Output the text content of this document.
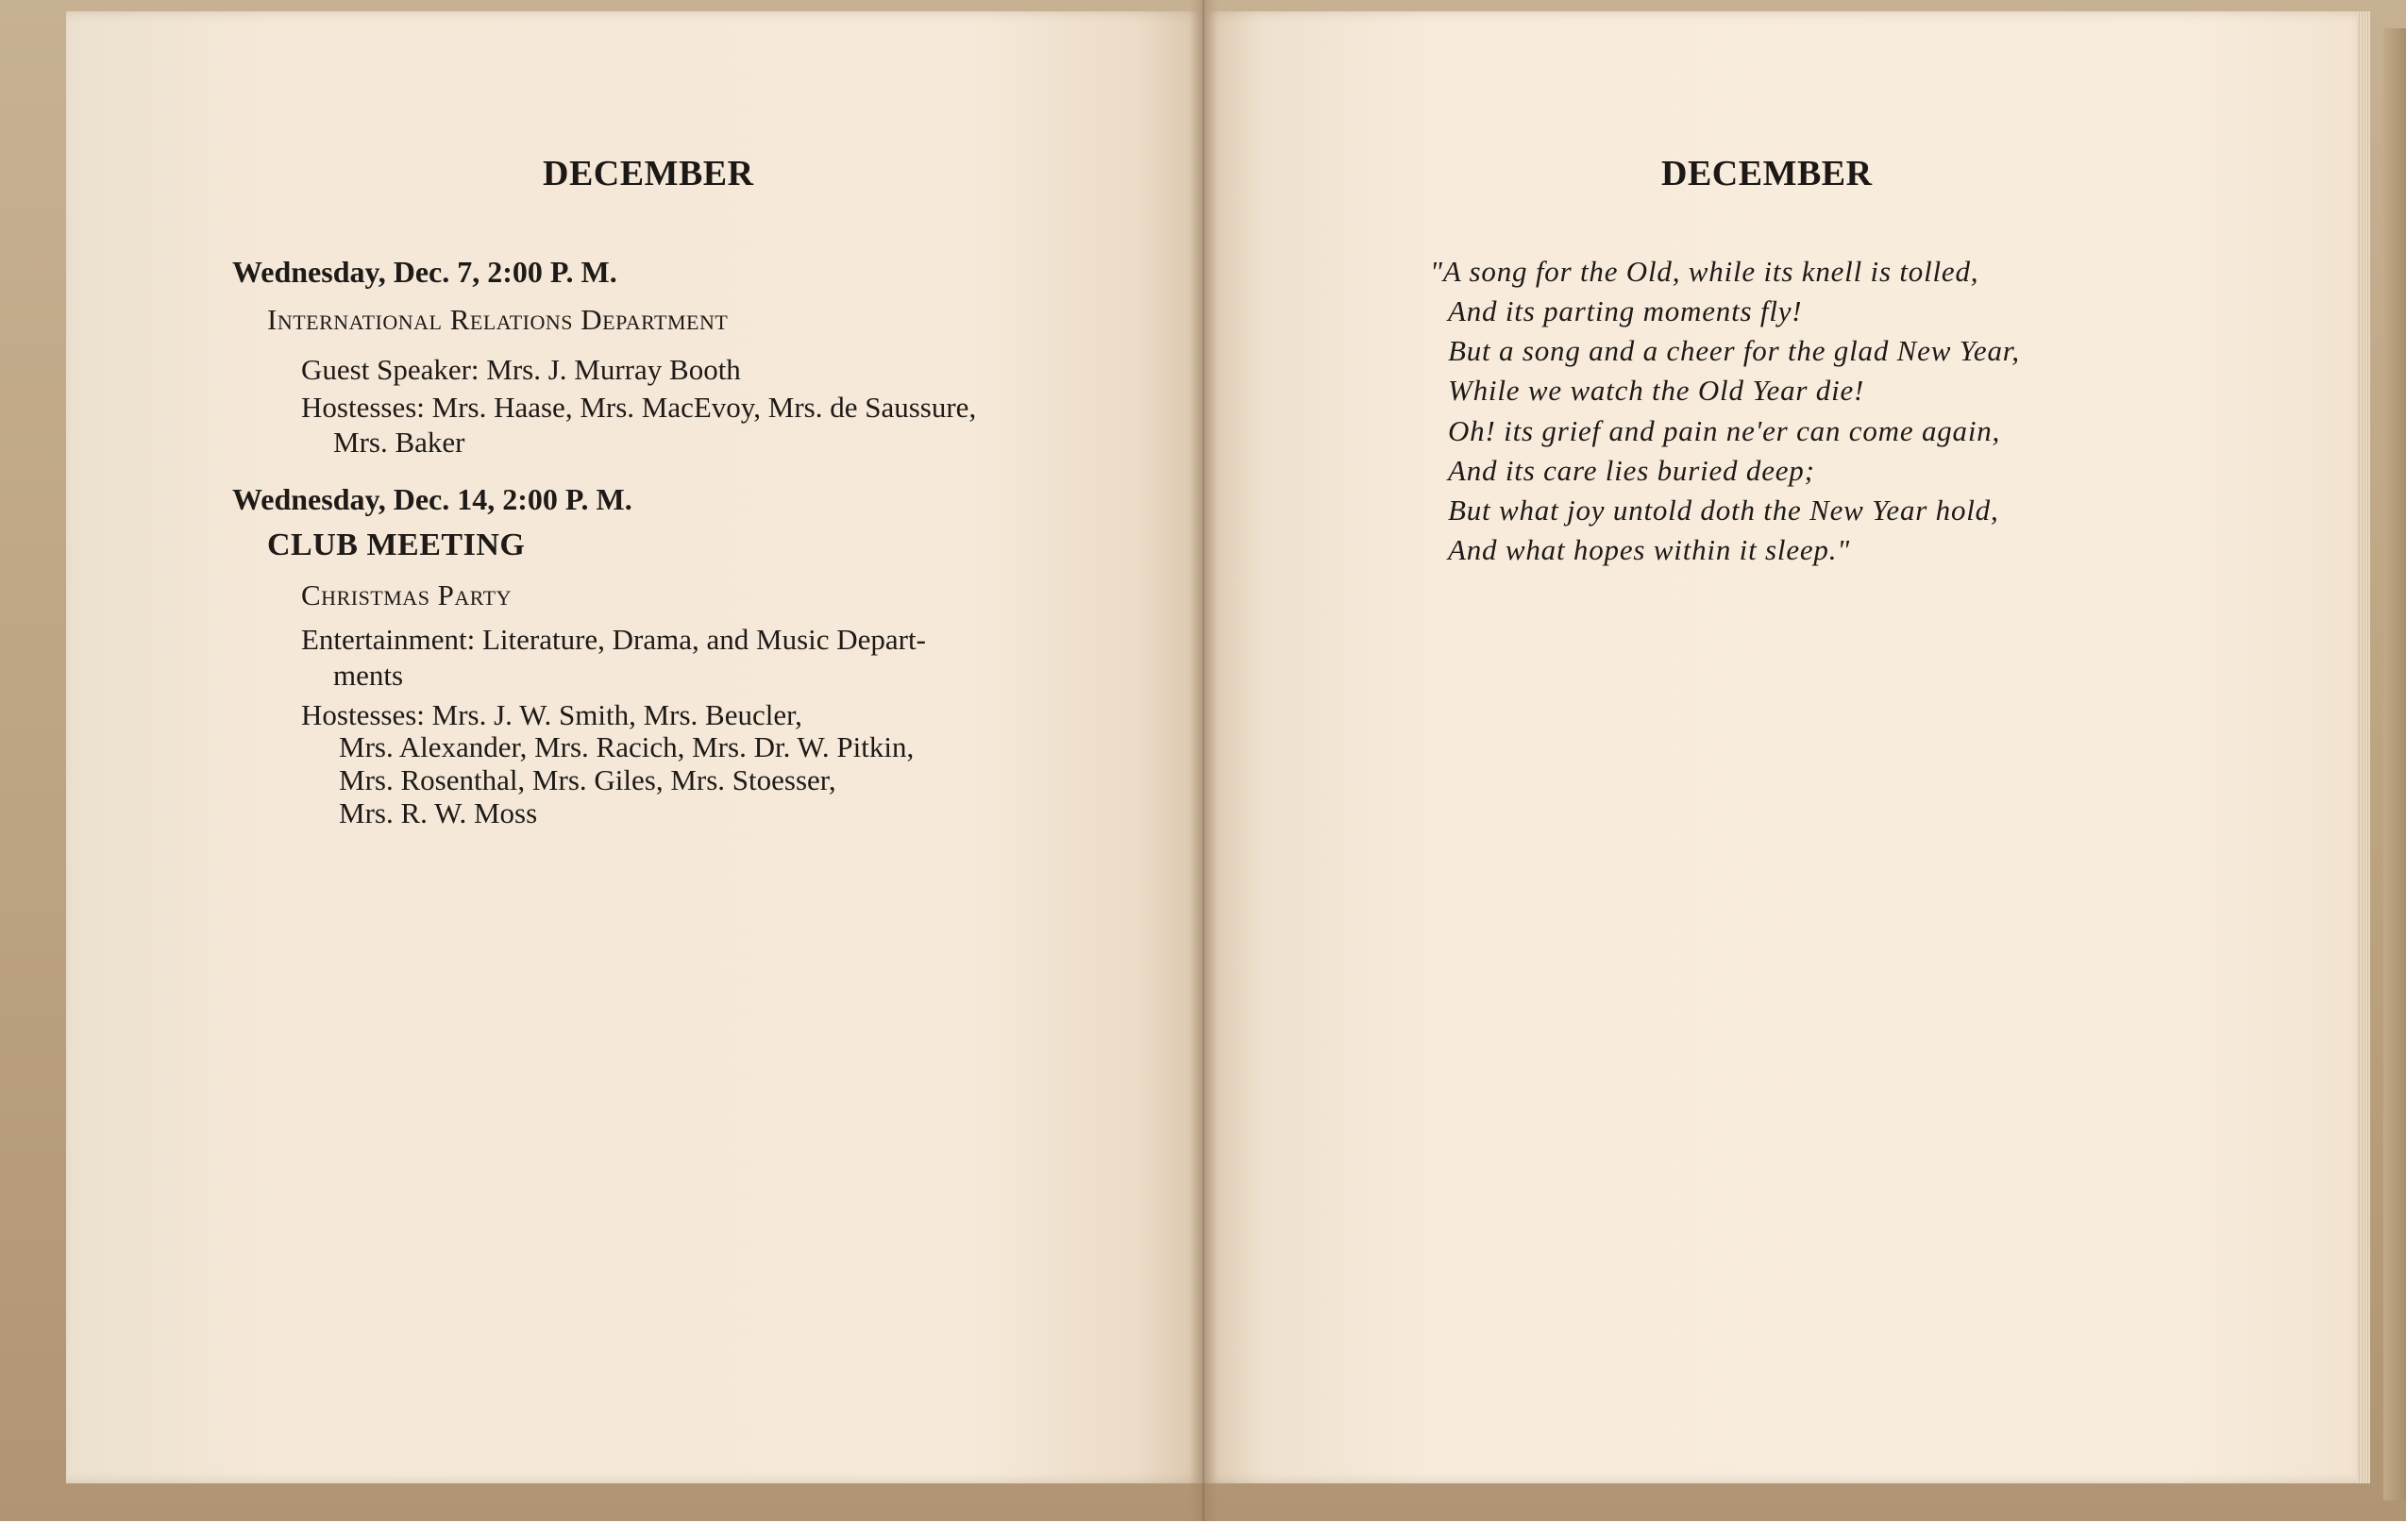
DECEMBER

Wednesday, Dec. 7, 2:00 P. M.

International Relations Department

Guest Speaker: Mrs. J. Murray Booth

Hostesses: Mrs. Haase, Mrs. MacEvoy, Mrs. de Saussure,

Mrs. Baker

Wednesday, Dec. 14, 2:00 P. M.

CLUB MEETING

Christmas Party

Entertainment: Literature, Drama, and Music Depart-

ments

Hostesses: Mrs. J. W. Smith, Mrs. Beucler,

Mrs. Alexander, Mrs. Racich, Mrs. Dr. W. Pitkin,

Mrs. Rosenthal, Mrs. Giles, Mrs. Stoesser,

Mrs. R. W. Moss

DECEMBER

"A song for the Old, while its knell is tolled,

And its parting moments fly!

But a song and a cheer for the glad New Year,

While we watch the Old Year die!

Oh! its grief and pain ne'er can come again,

And its care lies buried deep;

But what joy untold doth the New Year hold,

And what hopes within it sleep."
